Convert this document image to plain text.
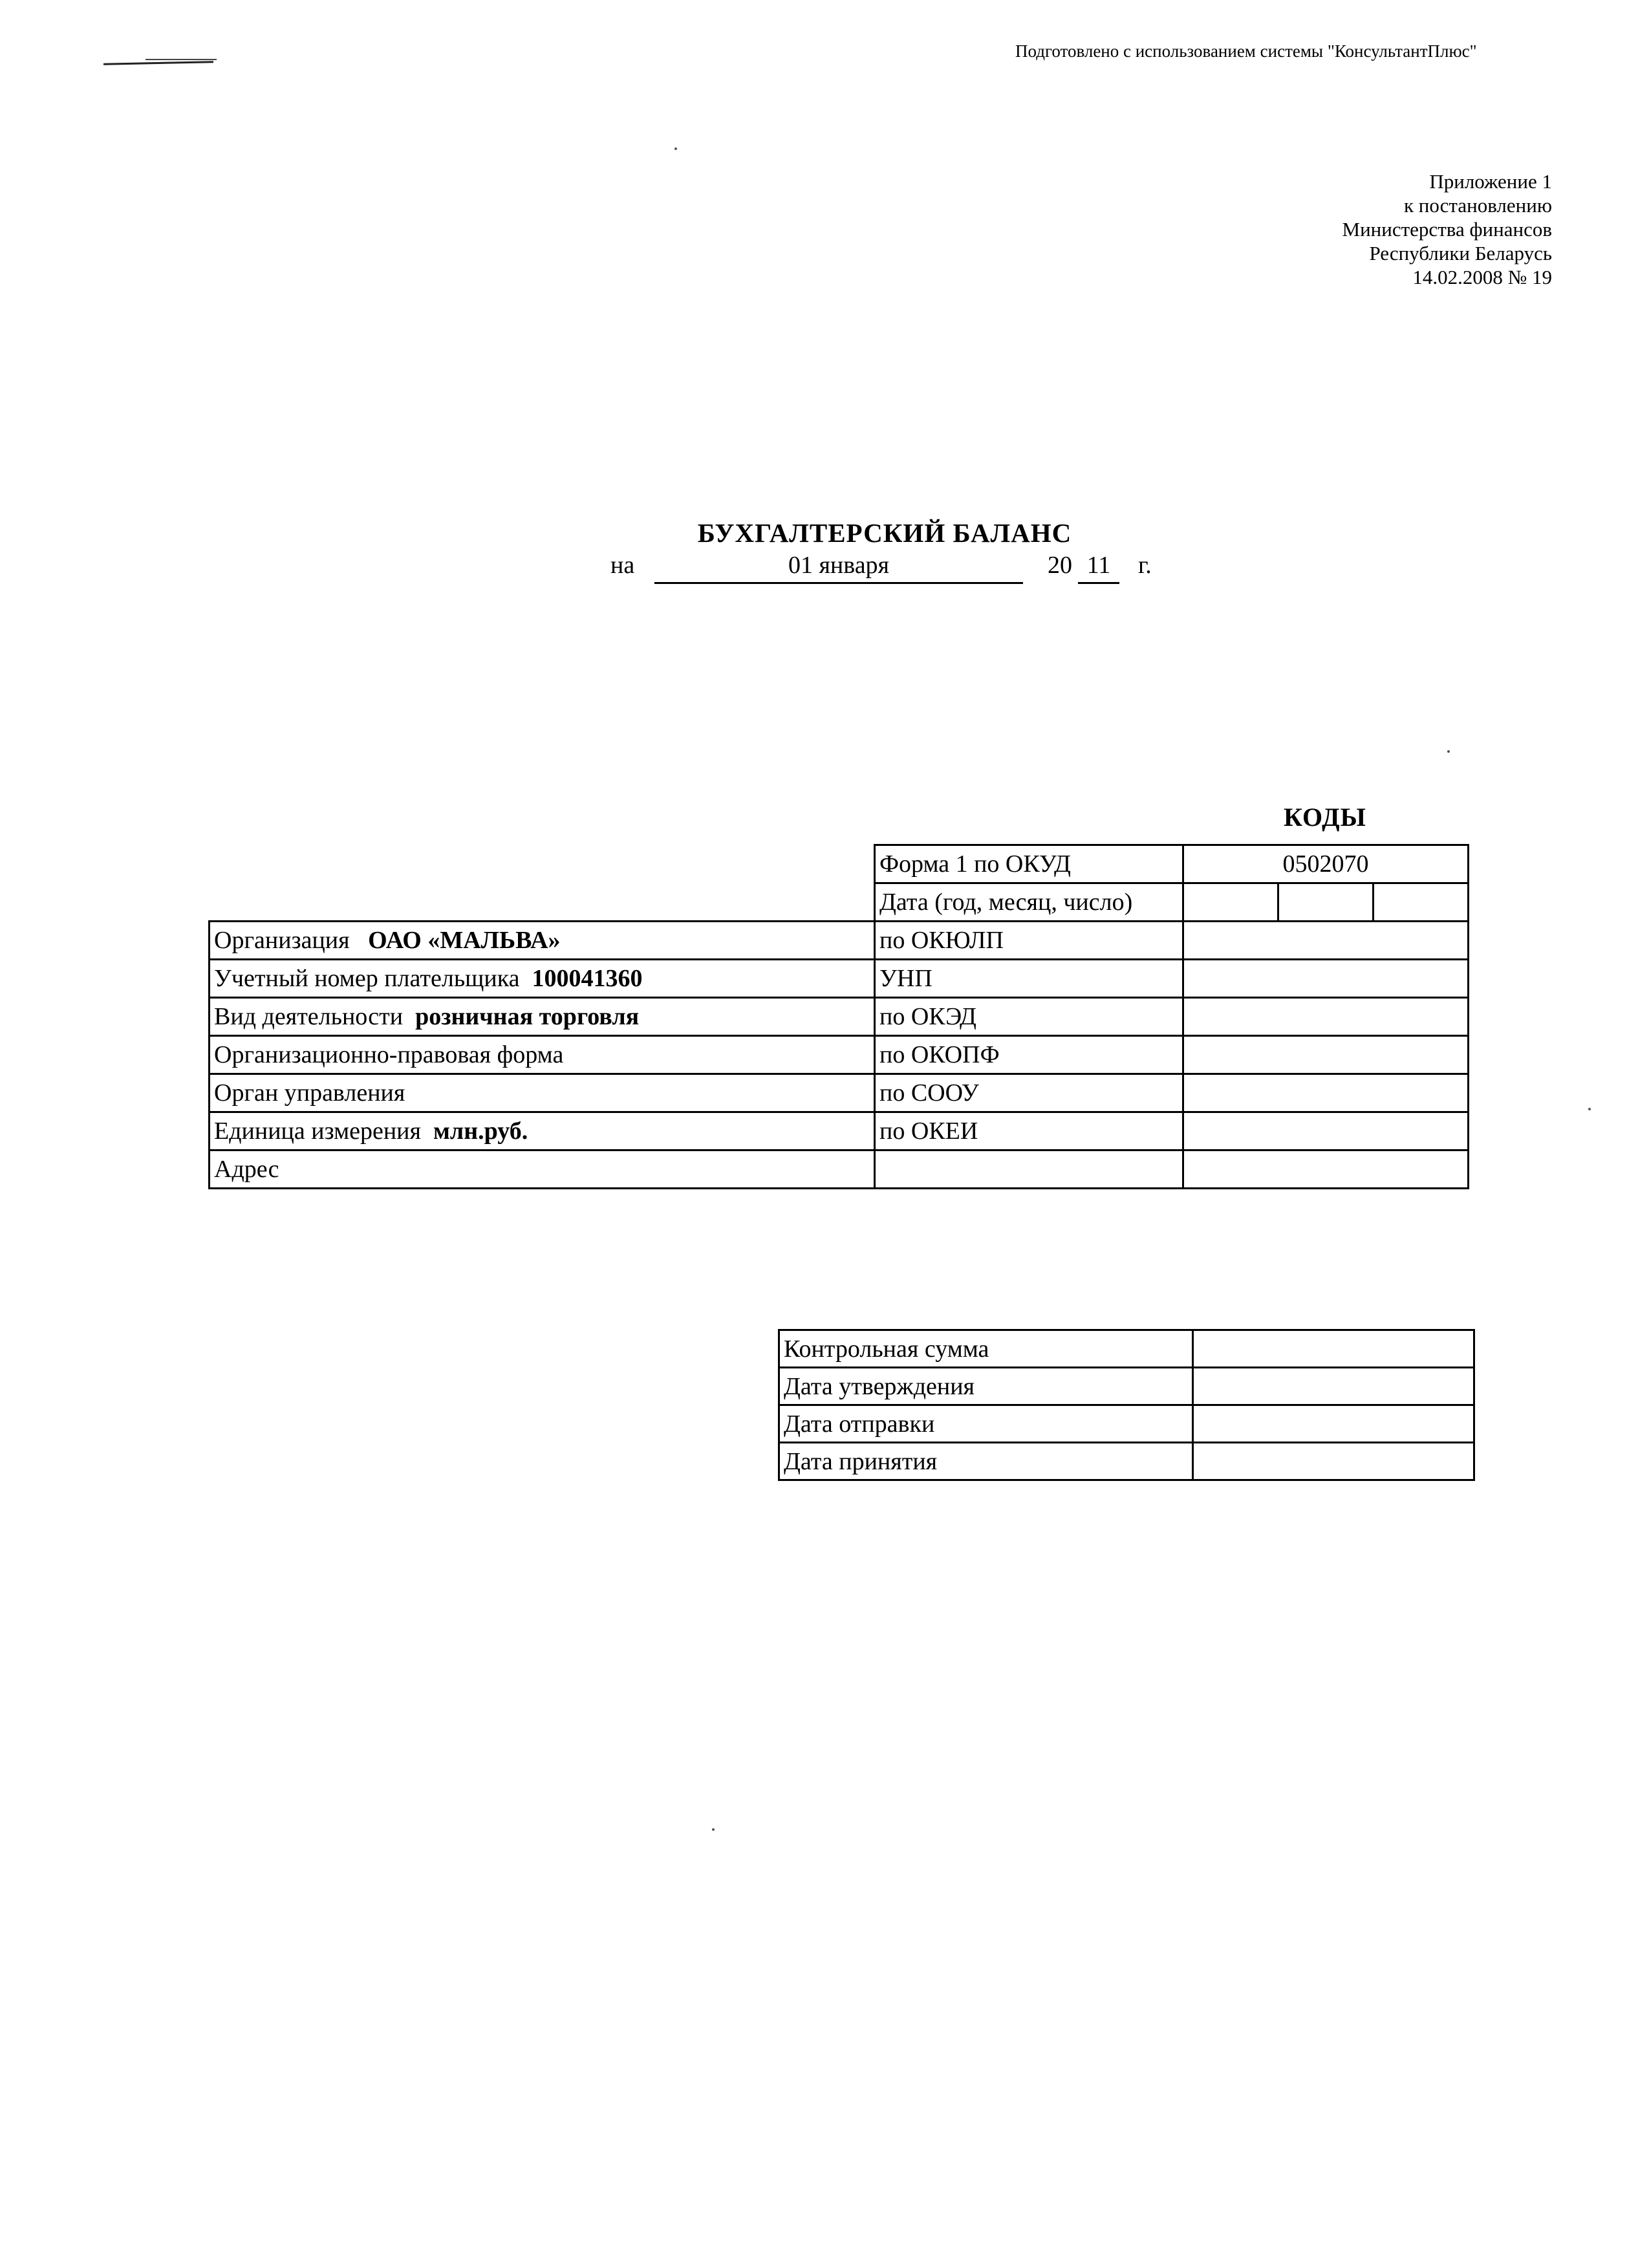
Подготовлено с использованием системы "КонсультантПлюс"
Приложение 1
к постановлению
Министерства финансов
Республики Беларусь
14.02.2008 № 19
БУХГАЛТЕРСКИЙ БАЛАНС
на	01 января	20 11	г.
КОДЫ
	Форма 1 по ОКУД	0502070		
	Дата (год, месяц, число)			
Организация ОАО «МАЛЬВА»	по ОКЮЛП			
Учетный номер плательщика 100041360	УНП			
Вид деятельности розничная торговля	по ОКЭД			
Организационно-правовая форма	по ОКОПФ			
Орган управления	по СООУ			
Единица измерения млн.руб.	по ОКЕИ			
Адрес				
Контрольная сумма	
Дата утверждения	
Дата отправки	
Дата принятия	
